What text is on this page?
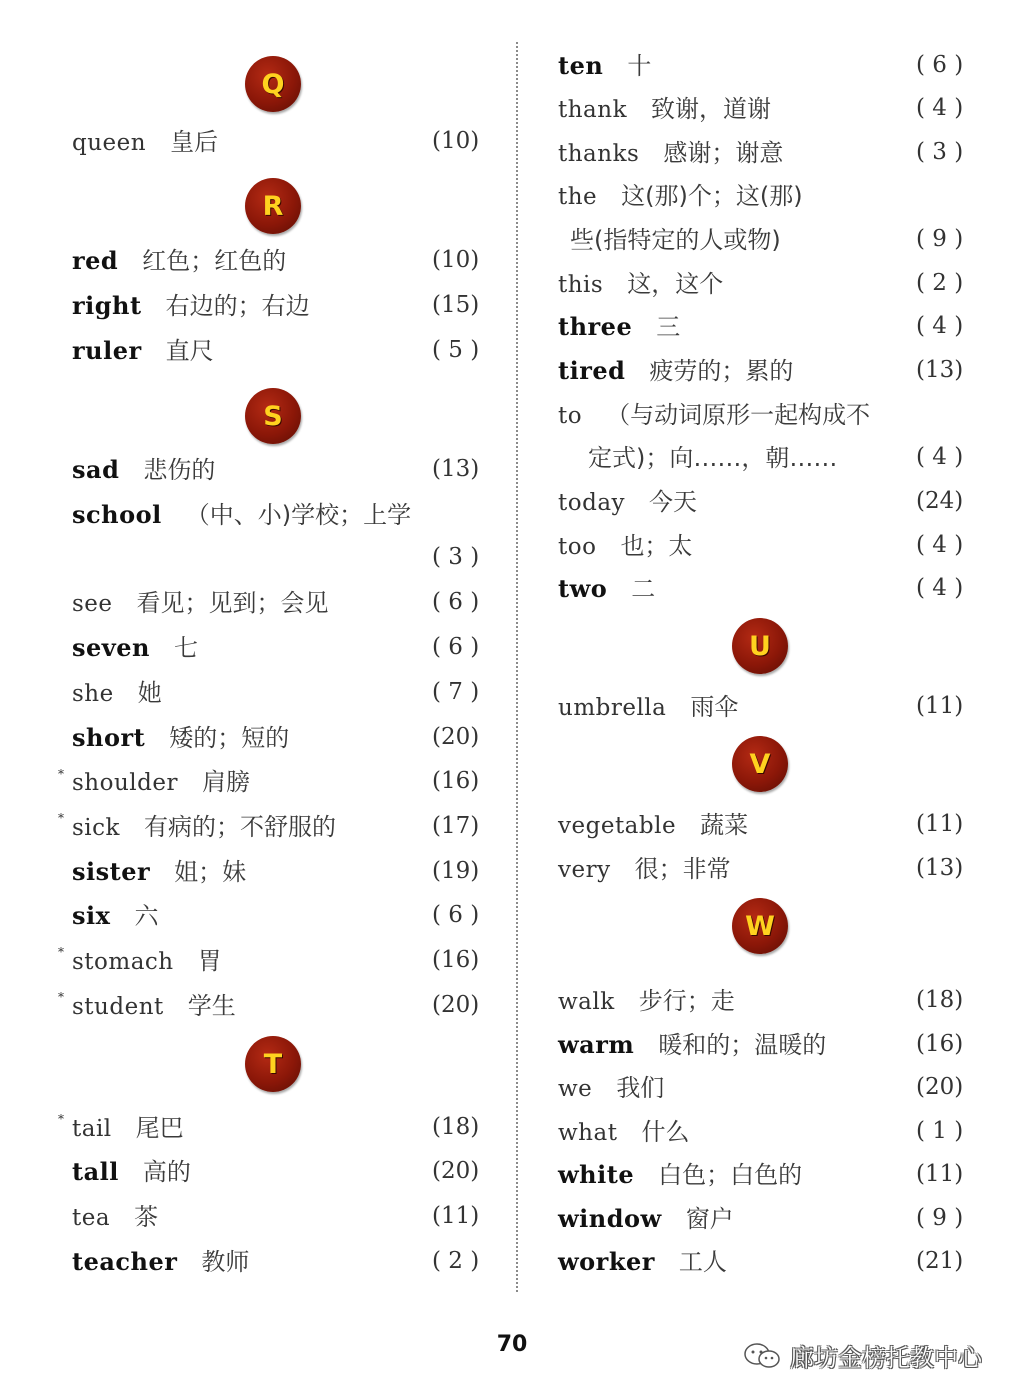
Q
queen 皇后	(10)
R
red 红色；红色的	(10)
right 右边的；右边	(15)
ruler 直尺	( 5 )
S
sad 悲伤的	(13)
school （中、小)学校；上学
( 3 )
see 看见；见到；会见	( 6 )
seven 七	( 6 )
she 她	( 7 )
short 矮的；短的	(20)
* shoulder 肩膀	(16)
* sick 有病的；不舒服的	(17)
sister 姐；妹	(19)
six 六	( 6 )
* stomach 胃	(16)
* student 学生	(20)
T
* tail 尾巴	(18)
tall 高的	(20)
tea 茶	(11)
teacher 教师	( 2 )
ten 十	( 6 )
thank 致谢，道谢	( 4 )
thanks 感谢；谢意	( 3 )
the 这(那)个；这(那)
些(指特定的人或物)	( 9 )
this 这，这个	( 2 )
three 三	( 4 )
tired 疲劳的；累的	(13)
to （与动词原形一起构成不
定式)；向……，朝……	( 4 )
today 今天	(24)
too 也；太	( 4 )
two 二	( 4 )
U
umbrella 雨伞	(11)
V
vegetable 蔬菜	(11)
very 很；非常	(13)
W
walk 步行；走	(18)
warm 暖和的；温暖的	(16)
we 我们	(20)
what 什么	( 1 )
white 白色；白色的	(11)
window 窗户	( 9 )
worker 工人	(21)
70	廊坊金榜托教中心
